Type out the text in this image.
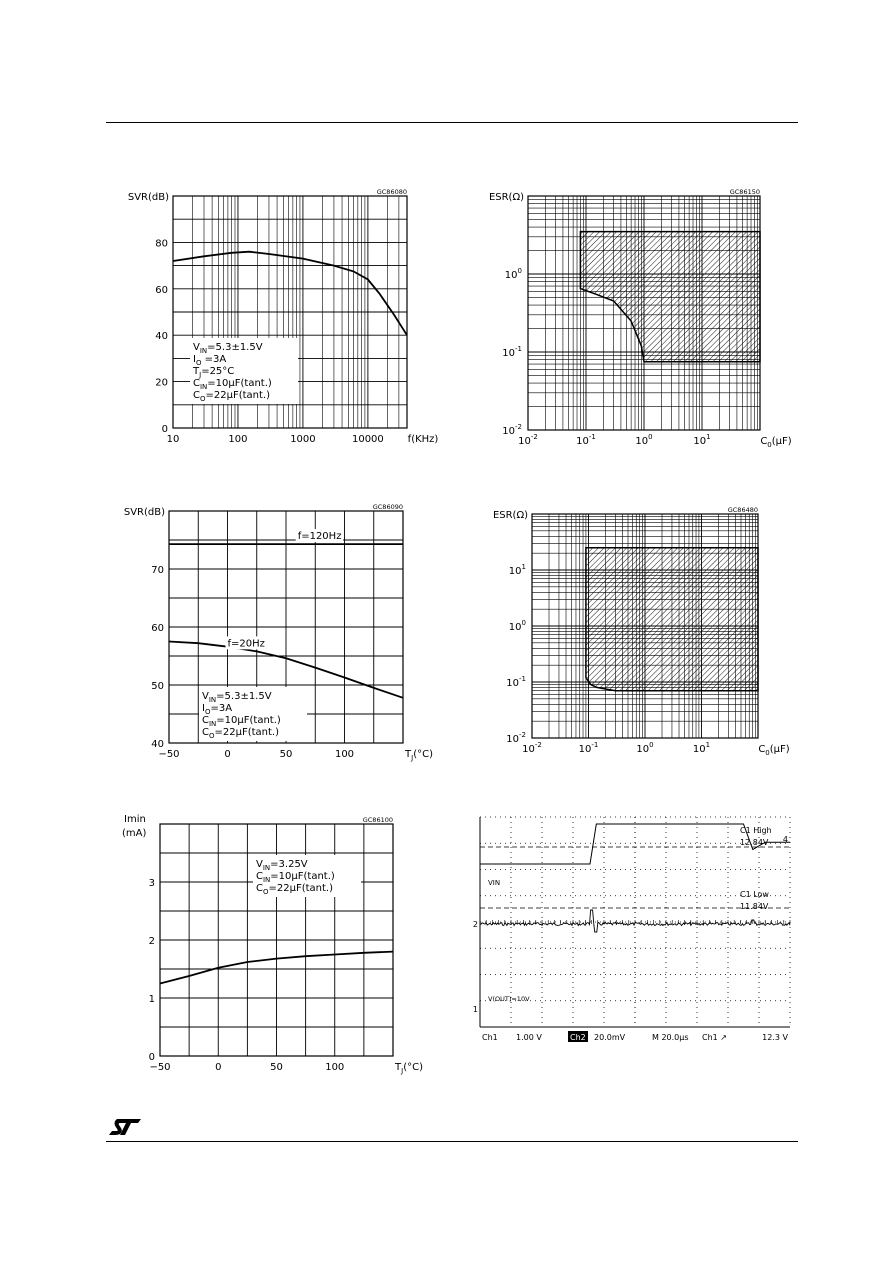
10	100	1000	10000
0
20
40
60
80
SVR(dB)
f(KHz)
GC86080
$V_{IN}=5.3\pm 1.5V$
$I_O =3A$
$T_J=25^\circ C$
$C_{IN}=10\mu F(\tan t.)$
$C_O=22\mu F(\tan t.)$
$10^{-2}$	$10^{-1}$	$10^0$	$10^1$
$10^{-2}$
$10^{-1}$
$10^0$
ESR(Ω)
$C_0(\mu F)$
GC86150
f=120Hz
f=20Hz
−50	0	50	100
40
50
60
70
SVR(dB)
$T_J(^\circ C)$
GC86090
$V_{IN}=5.3\pm 1.5V$
$I_O=3A$
$C_{IN}=10\mu F(\tan t.)$
$C_O=22\mu F(\tan t.)$
$10^{-2}$	$10^{-1}$	$10^0$	$10^1$
$10^{-2}$
$10^{-1}$
$10^0$
$10^1$
ESR(Ω)
$C_0(\mu F)$
GC86480
−50	0	50	100
0
1
2
3
Imin
(mA)
$T_J(^\circ C)$
GC86100
$V_{IN}=3.25V$
$C_{IN}=10\mu F(\tan t.)$
$C_O=22\mu F(\tan t.)$
C1 High
12.84V
C1 Low
11.84V
4
VIN
V(OUT)=10V
2
1
Ch1 1.00 V	Ch2 20.0mV	M 20.0µs Ch1 ↗	12.3 V
